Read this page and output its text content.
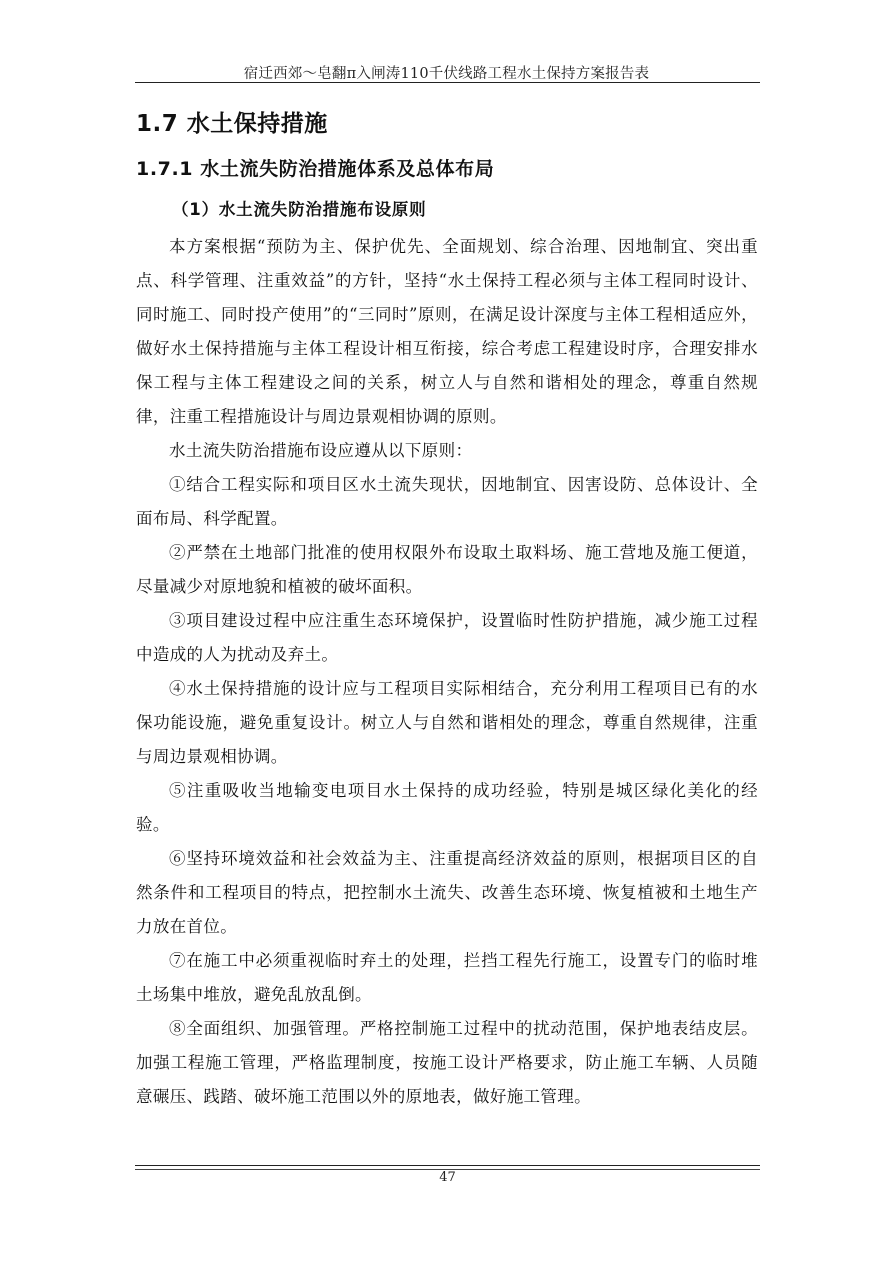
宿迁西郊～皂翻π入闸涛110千伏线路工程水土保持方案报告表
1.7 水土保持措施
1.7.1 水土流失防治措施体系及总体布局
（1）水土流失防治措施布设原则

本方案根据“预防为主、保护优先、全面规划、综合治理、因地制宜、突出重点、科学管理、注重效益”的方针，坚持“水土保持工程必须与主体工程同时设计、同时施工、同时投产使用”的“三同时”原则，在满足设计深度与主体工程相适应外，做好水土保持措施与主体工程设计相互衔接，综合考虑工程建设时序，合理安排水保工程与主体工程建设之间的关系，树立人与自然和谐相处的理念，尊重自然规律，注重工程措施设计与周边景观相协调的原则。

水土流失防治措施布设应遵从以下原则：

①结合工程实际和项目区水土流失现状，因地制宜、因害设防、总体设计、全面布局、科学配置。

②严禁在土地部门批准的使用权限外布设取土取料场、施工营地及施工便道，尽量减少对原地貌和植被的破坏面积。

③项目建设过程中应注重生态环境保护，设置临时性防护措施，减少施工过程中造成的人为扰动及弃土。

④水土保持措施的设计应与工程项目实际相结合，充分利用工程项目已有的水保功能设施，避免重复设计。树立人与自然和谐相处的理念，尊重自然规律，注重与周边景观相协调。

⑤注重吸收当地输变电项目水土保持的成功经验，特别是城区绿化美化的经验。

⑥坚持环境效益和社会效益为主、注重提高经济效益的原则，根据项目区的自然条件和工程项目的特点，把控制水土流失、改善生态环境、恢复植被和土地生产力放在首位。

⑦在施工中必须重视临时弃土的处理，拦挡工程先行施工，设置专门的临时堆土场集中堆放，避免乱放乱倒。

⑧全面组织、加强管理。严格控制施工过程中的扰动范围，保护地表结皮层。加强工程施工管理，严格监理制度，按施工设计严格要求，防止施工车辆、人员随意碾压、践踏、破坏施工范围以外的原地表，做好施工管理。

47
